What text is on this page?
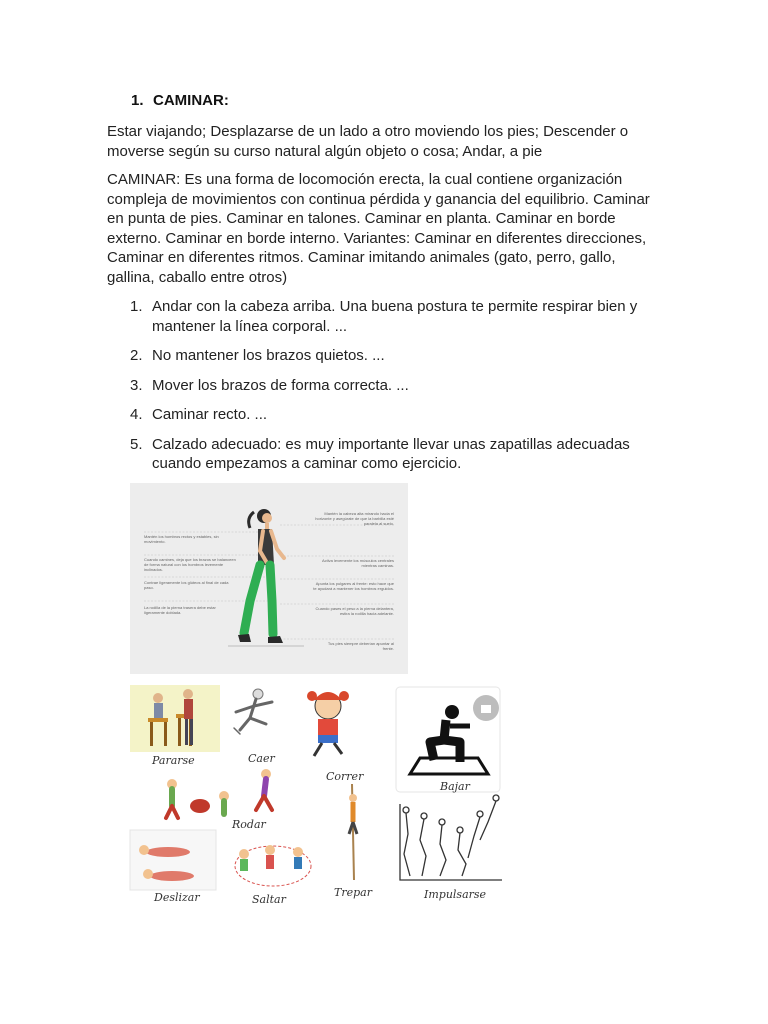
1. CAMINAR:

Estar viajando; Desplazarse de un lado a otro moviendo los pies; Descender o moverse según su curso natural algún objeto o cosa; Andar, a pie

CAMINAR: Es una forma de locomoción erecta, la cual contiene organización compleja de movimientos con continua pérdida y ganancia del equilibrio. Caminar en punta de pies. Caminar en talones. Caminar en planta. Caminar en borde externo. Caminar en borde interno. Variantes: Caminar en diferentes direcciones, Caminar en diferentes ritmos. Caminar imitando animales (gato, perro, gallo, gallina, caballo entre otros)

1. Andar con la cabeza arriba. Una buena postura te permite respirar bien y mantener la línea corporal. ...
2. No mantener los brazos quietos. ...
3. Mover los brazos de forma correcta. ...
4. Caminar recto. ...
5. Calzado adecuado: es muy importante llevar unas zapatillas adecuadas cuando empezamos a caminar como ejercicio.
Mantén los hombros rectos y estables, sin movimiento.
Cuando camines, deja que los brazos se balanceen de forma natural con los hombros levemente inclinados.
Contrae ligeramente los glúteos al final de cada paso.
La rodilla de la pierna trasera debe estar ligeramente doblada.
Mantén la cabeza alta mirando hacia el horizonte y asegúrate de que la barbilla esté paralela al suelo.
Activa levemente los músculos centrales mientras caminas.
Apunta los pulgares al frente: esto hace que te ayudará a mantener los hombros erguidos.
Cuando pases el peso a la pierna delantera, estira la rodilla hacia adelante.
Tus pies siempre deberían apuntar al frente.
Pararse	Caer
Correr
Bajar
Rodar
Deslizar	Saltar
Trepar	Impulsarse
